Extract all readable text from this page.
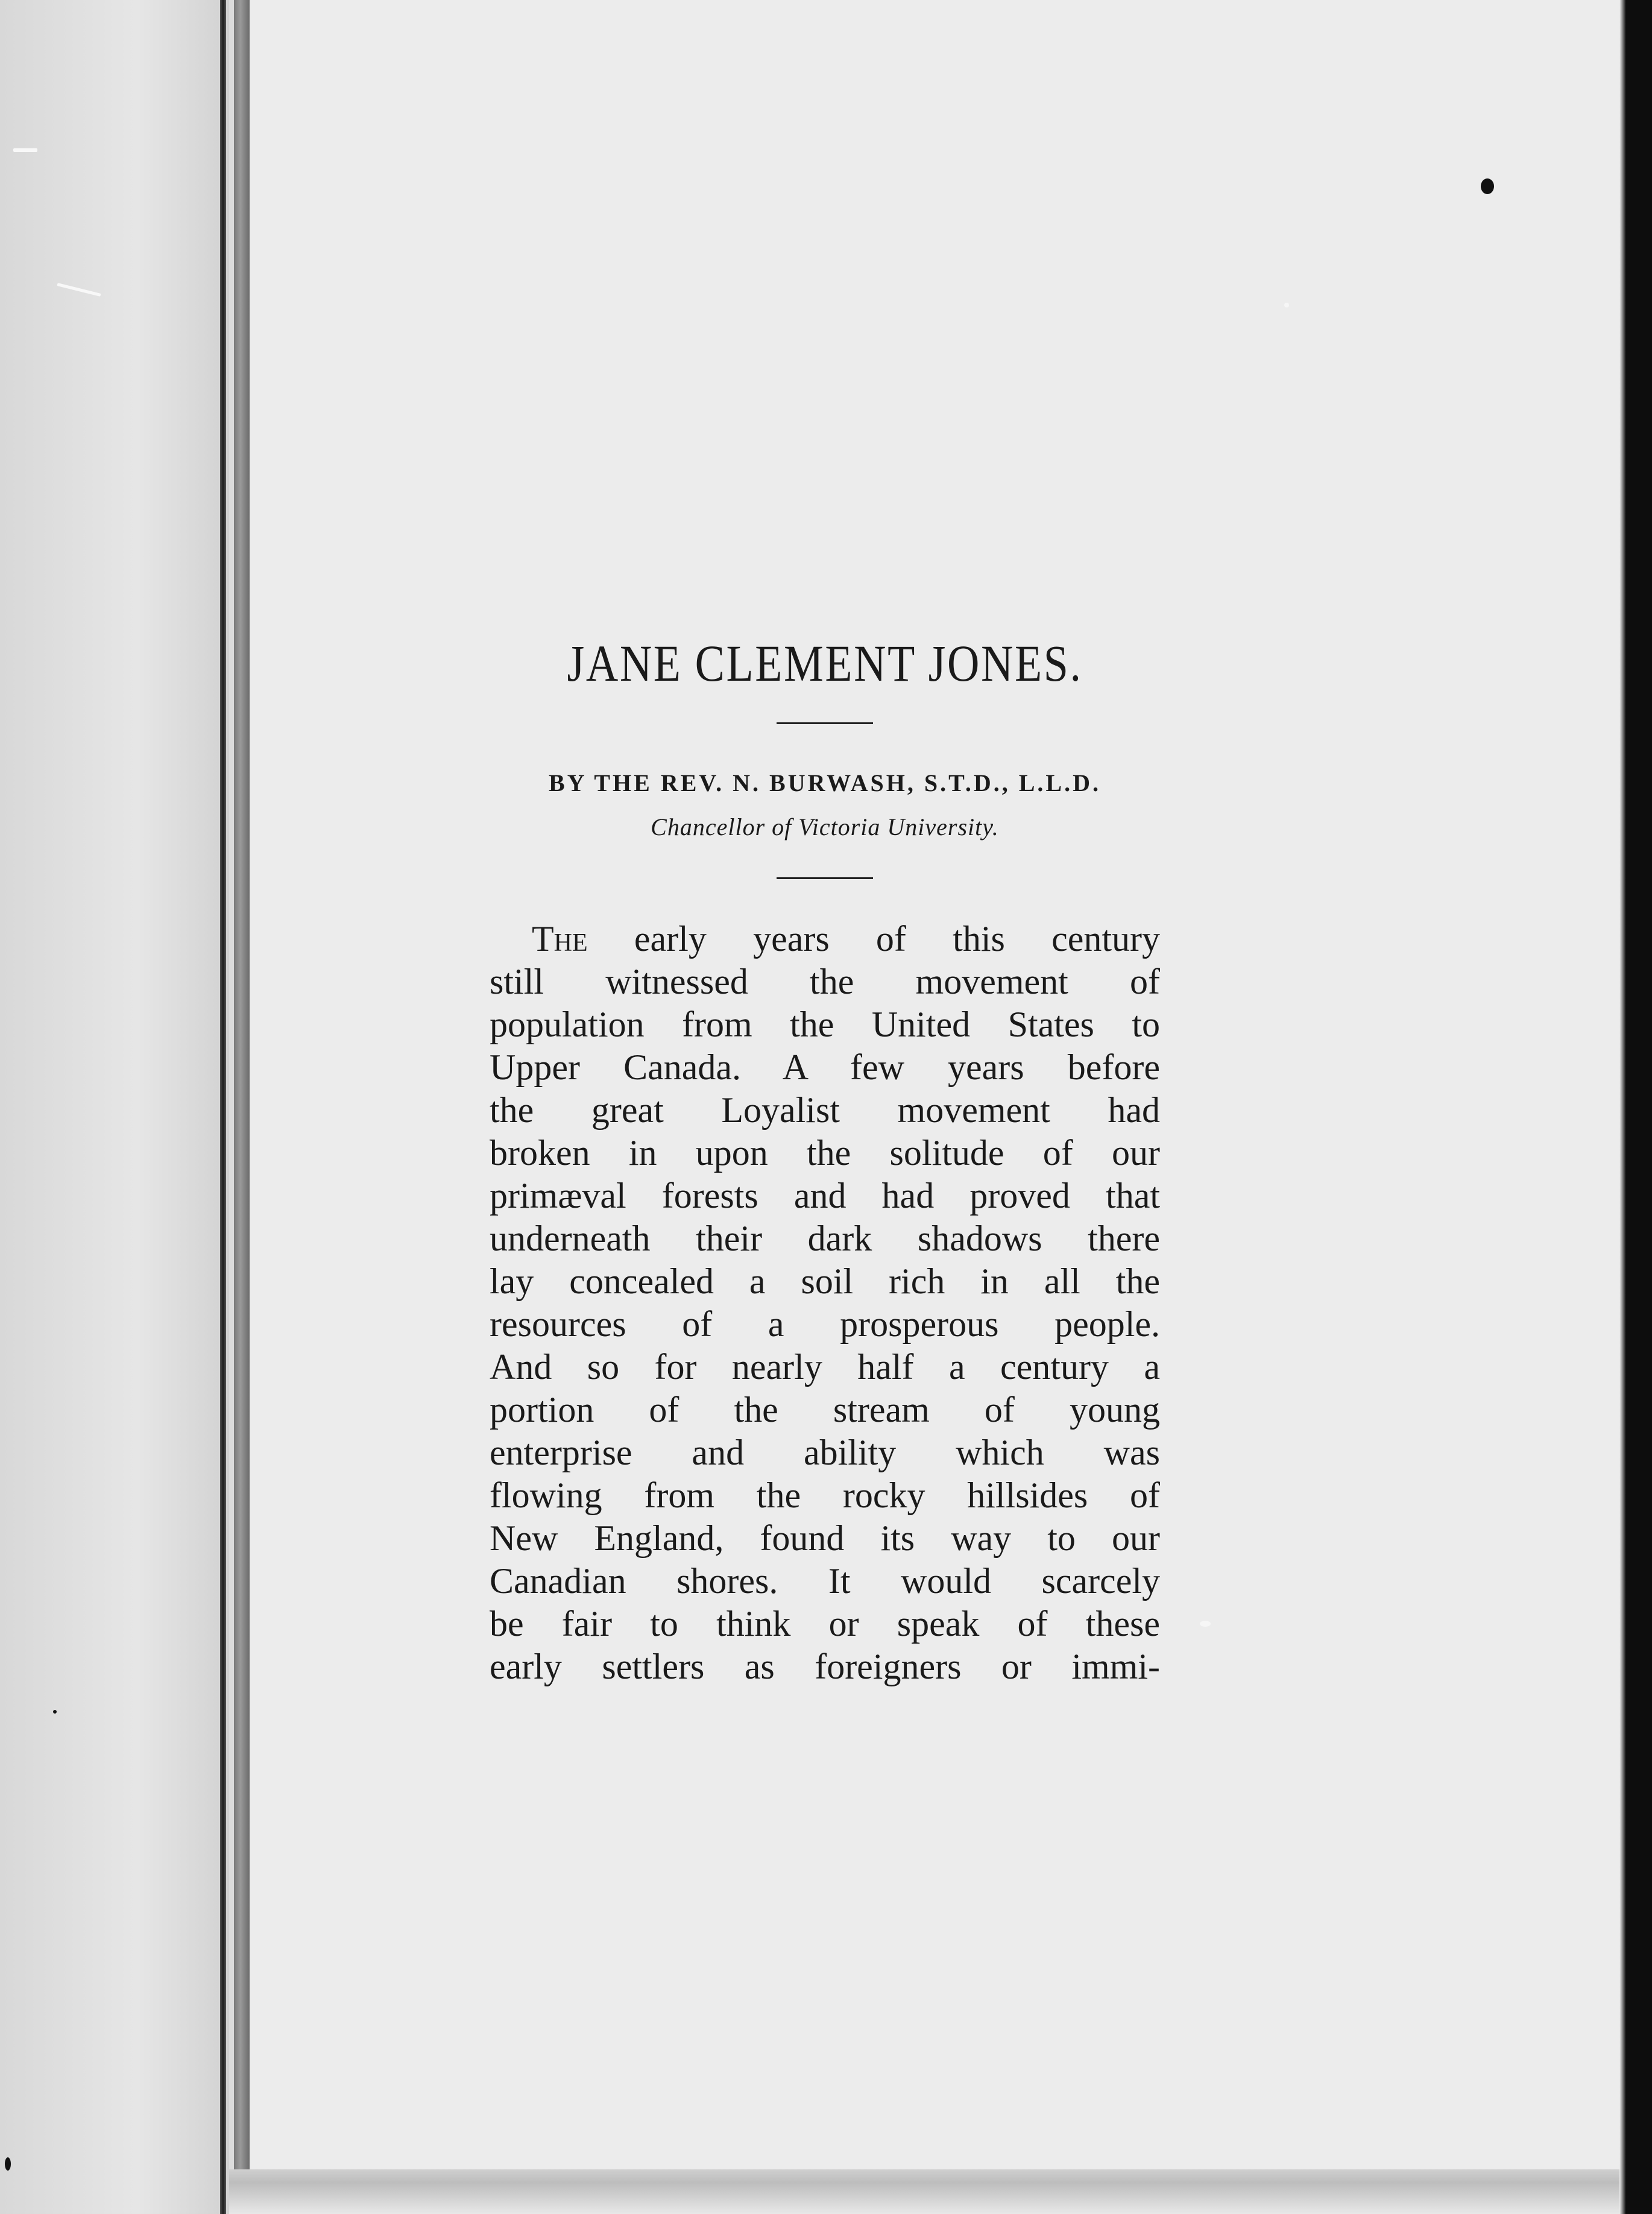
JANE CLEMENT JONES.
BY THE REV. N. BURWASH, S.T.D., L.L.D.
Chancellor of Victoria University.
The early years of this century
still witnessed the movement of
population from the United States to
Upper Canada. A few years before
the great Loyalist movement had
broken in upon the solitude of our
primæval forests and had proved that
underneath their dark shadows there
lay concealed a soil rich in all the
resources of a prosperous people.
And so for nearly half a century a
portion of the stream of young
enterprise and ability which was
flowing from the rocky hillsides of
New England, found its way to our
Canadian shores. It would scarcely
be fair to think or speak of these
early settlers as foreigners or immi-
